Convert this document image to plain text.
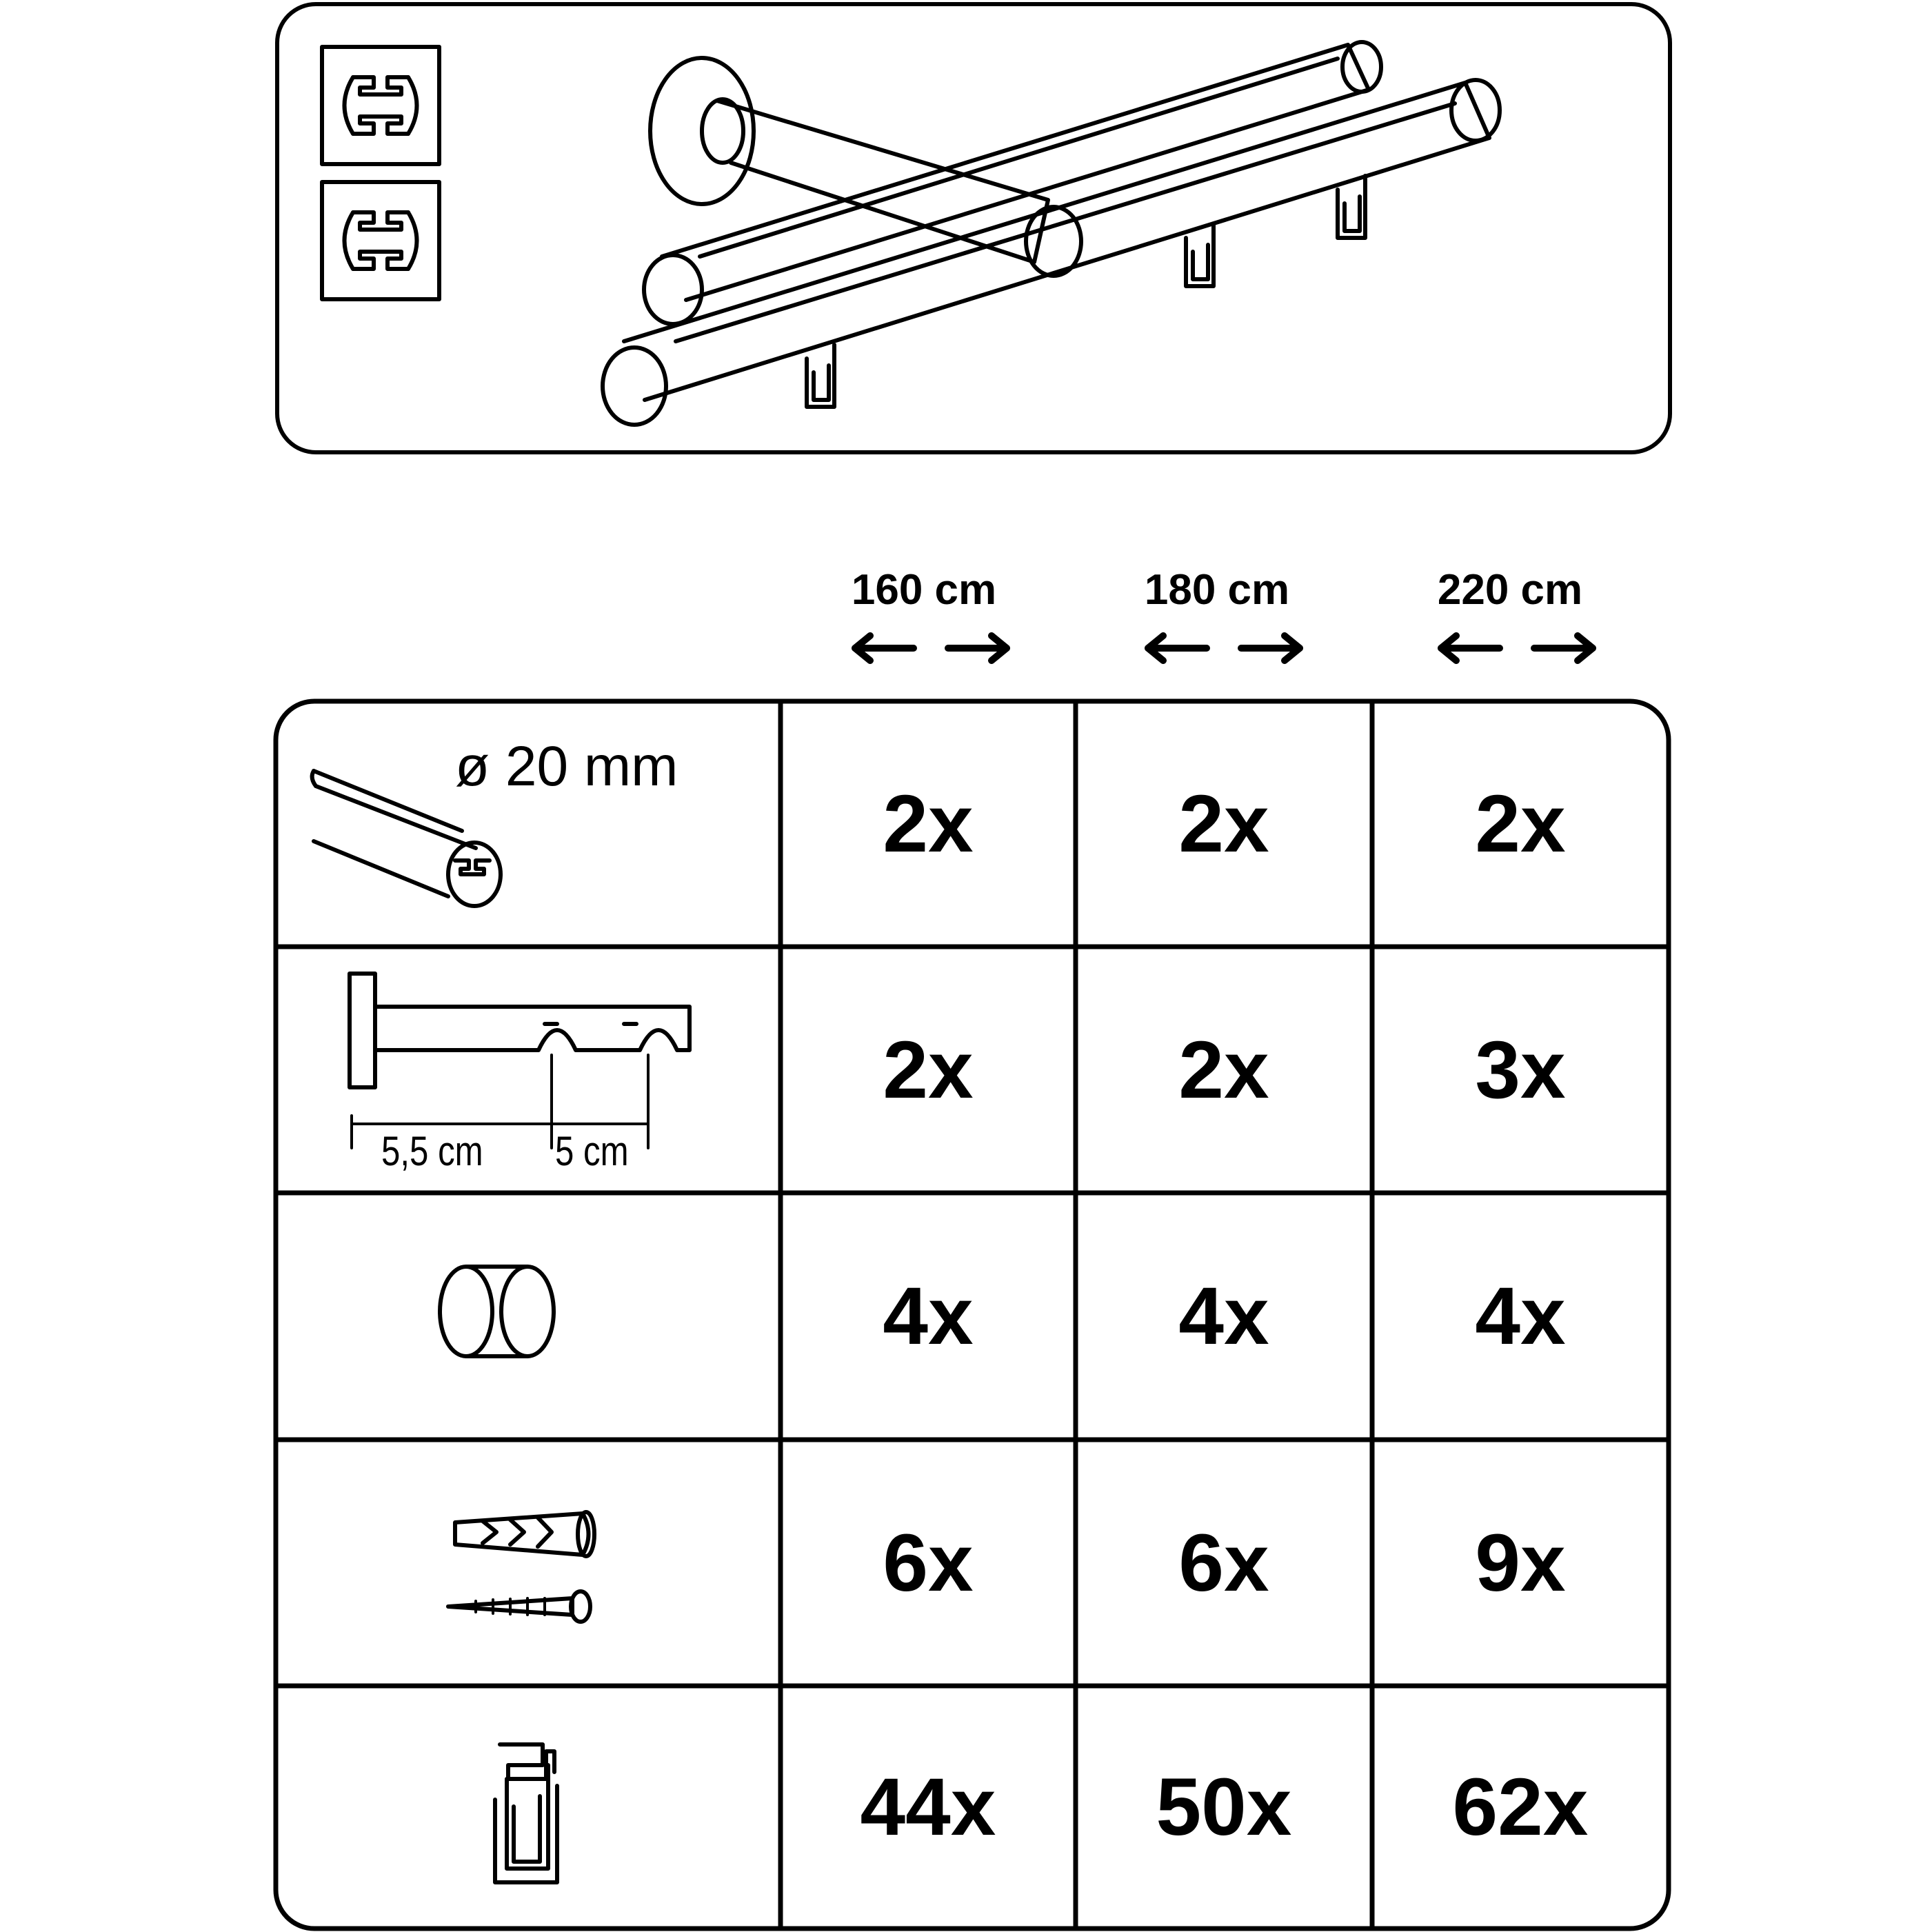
160 cm	180 cm	220 cm
ø 20 mm
5,5 cm 5 cm
2x	2x	2x
2x	2x	3x
4x	4x	4x
6x	6x	9x
44x	50x	62x
